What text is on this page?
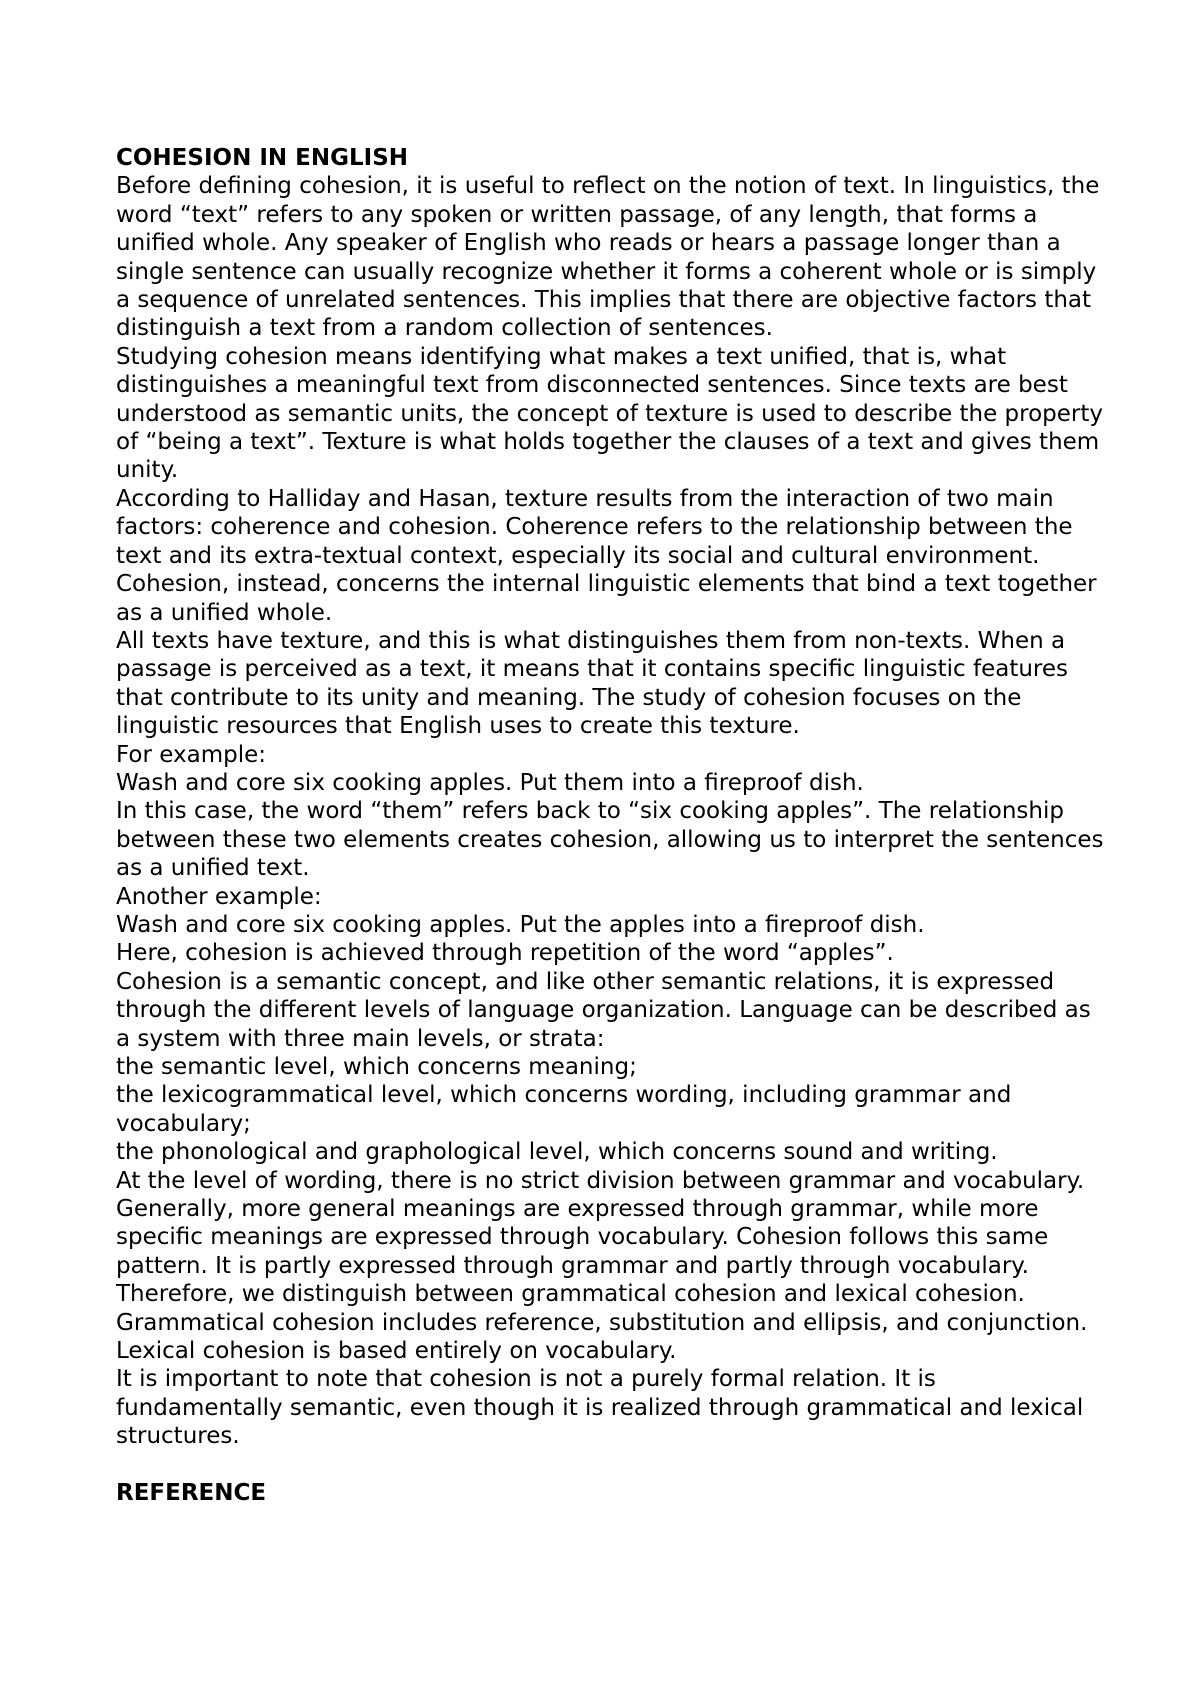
COHESION IN ENGLISH

Before defining cohesion, it is useful to reflect on the notion of text. In linguistics, the word “text” refers to any spoken or written passage, of any length, that forms a unified whole. Any speaker of English who reads or hears a passage longer than a single sentence can usually recognize whether it forms a coherent whole or is simply a sequence of unrelated sentences. This implies that there are objective factors that distinguish a text from a random collection of sentences.

Studying cohesion means identifying what makes a text unified, that is, what distinguishes a meaningful text from disconnected sentences. Since texts are best understood as semantic units, the concept of texture is used to describe the property of “being a text”. Texture is what holds together the clauses of a text and gives them unity.

According to Halliday and Hasan, texture results from the interaction of two main factors: coherence and cohesion. Coherence refers to the relationship between the text and its extra-textual context, especially its social and cultural environment. Cohesion, instead, concerns the internal linguistic elements that bind a text together as a unified whole.

All texts have texture, and this is what distinguishes them from non-texts. When a passage is perceived as a text, it means that it contains specific linguistic features that contribute to its unity and meaning. The study of cohesion focuses on the linguistic resources that English uses to create this texture.

For example:

Wash and core six cooking apples. Put them into a fireproof dish.

In this case, the word “them” refers back to “six cooking apples”. The relationship between these two elements creates cohesion, allowing us to interpret the sentences as a unified text.

Another example:

Wash and core six cooking apples. Put the apples into a fireproof dish.

Here, cohesion is achieved through repetition of the word “apples”.

Cohesion is a semantic concept, and like other semantic relations, it is expressed through the different levels of language organization. Language can be described as a system with three main levels, or strata:

the semantic level, which concerns meaning;

the lexicogrammatical level, which concerns wording, including grammar and vocabulary;

the phonological and graphological level, which concerns sound and writing.

At the level of wording, there is no strict division between grammar and vocabulary. Generally, more general meanings are expressed through grammar, while more specific meanings are expressed through vocabulary. Cohesion follows this same pattern. It is partly expressed through grammar and partly through vocabulary. Therefore, we distinguish between grammatical cohesion and lexical cohesion. Grammatical cohesion includes reference, substitution and ellipsis, and conjunction. Lexical cohesion is based entirely on vocabulary.

It is important to note that cohesion is not a purely formal relation. It is fundamentally semantic, even though it is realized through grammatical and lexical structures.

REFERENCE
